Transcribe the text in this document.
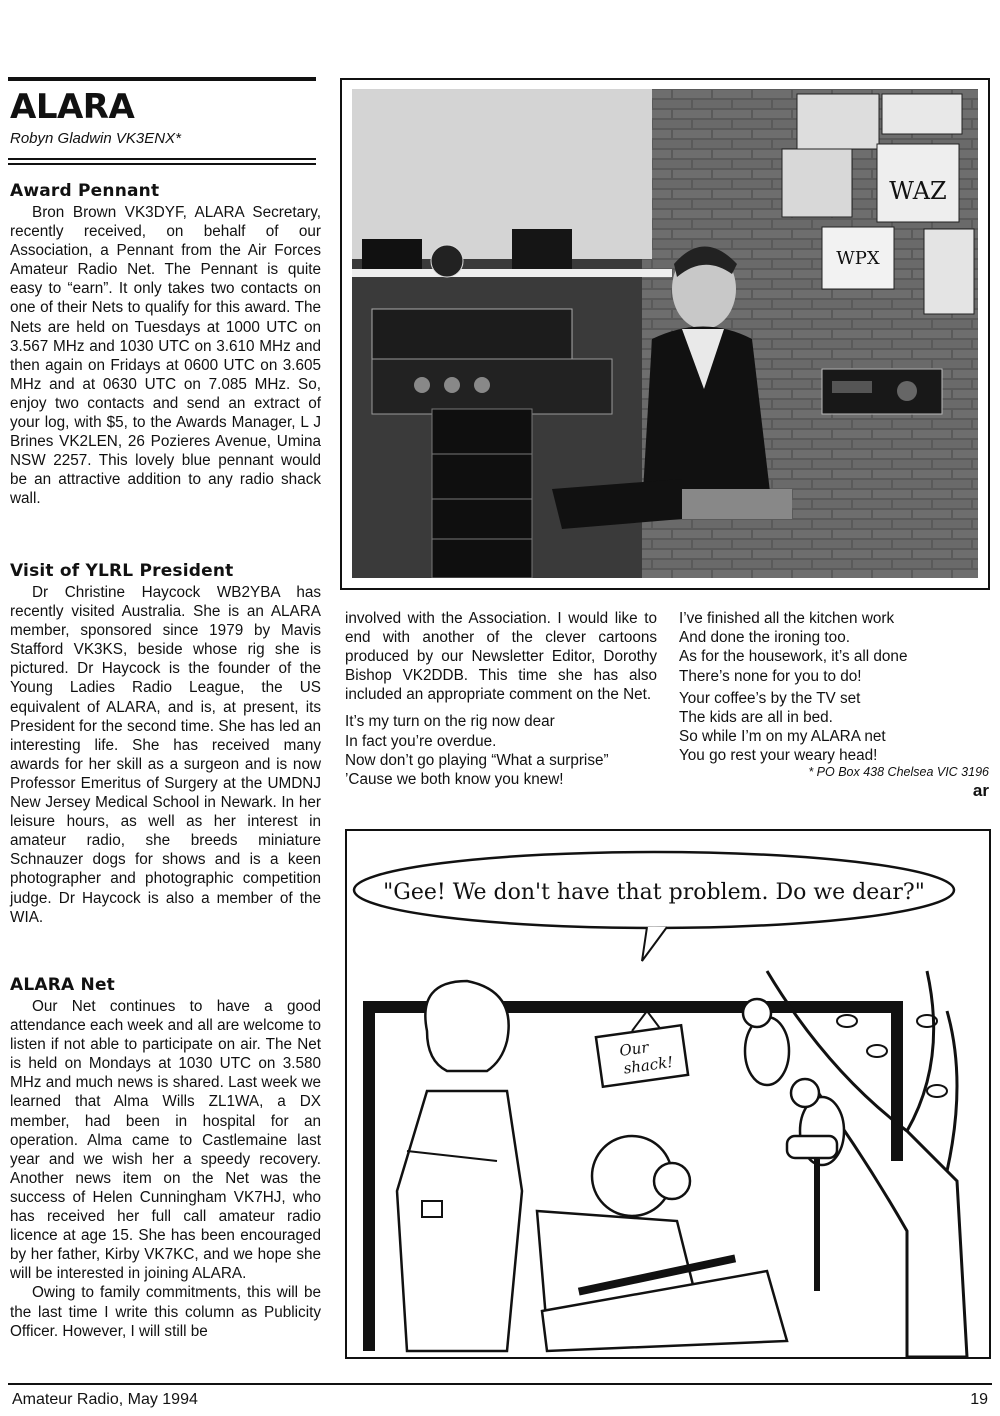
ALARA
Robyn Gladwin VK3ENX*
Award Pennant

Bron Brown VK3DYF, ALARA Secretary, recently received, on behalf of our Association, a Pennant from the Air Forces Amateur Radio Net. The Pennant is quite easy to “earn”. It only takes two contacts on one of their Nets to qualify for this award. The Nets are held on Tuesdays at 1000 UTC on 3.567 MHz and 1030 UTC on 3.610 MHz and then again on Fridays at 0600 UTC on 3.605 MHz and at 0630 UTC on 7.085 MHz. So, enjoy two contacts and send an extract of your log, with $5, to the Awards Manager, L J Brines VK2LEN, 26 Pozieres Avenue, Umina NSW 2257. This lovely blue pennant would be an attractive addition to any radio shack wall.

Visit of YLRL President

Dr Christine Haycock WB2YBA has recently visited Australia. She is an ALARA member, sponsored since 1979 by Mavis Stafford VK3KS, beside whose rig she is pictured. Dr Haycock is the founder of the Young Ladies Radio League, the US equivalent of ALARA, and is, at present, its President for the second time. She has led an interesting life. She has received many awards for her skill as a surgeon and is now Professor Emeritus of Surgery at the UMDNJ New Jersey Medical School in Newark. In her leisure hours, as well as her interest in amateur radio, she breeds miniature Schnauzer dogs for shows and is a keen photographer and photographic competition judge. Dr Haycock is also a member of the WIA.

ALARA Net

Our Net continues to have a good attendance each week and all are welcome to listen if not able to participate on air. The Net is held on Mondays at 1030 UTC on 3.580 MHz and much news is shared. Last week we learned that Alma Wills ZL1WA, a DX member, had been in hospital for an operation. Alma came to Castlemaine last year and we wish her a speedy recovery. Another news item on the Net was the success of Helen Cunningham VK7HJ, who has received her full call amateur radio licence at age 15. She has been encouraged by her father, Kirby VK7KC, and we hope she will be interested in joining ALARA.

Owing to family commitments, this will be the last time I write this column as Publicity Officer. However, I will still be

WAZ
WPX

involved with the Association. I would like to end with another of the clever cartoons produced by our Newsletter Editor, Dorothy Bishop VK2DDB. This time she has also included an appropriate comment on the Net.

It’s my turn on the rig now dear

In fact you’re overdue.

Now don’t go playing “What a surprise”

’Cause we both know you knew!

I’ve finished all the kitchen work

And done the ironing too.

As for the housework, it’s all done

There’s none for you to do!

Your coffee’s by the TV set

The kids are all in bed.

So while I’m on my ALARA net

You go rest your weary head!

* PO Box 438 Chelsea VIC 3196
ar
"Gee! We don't have that problem. Do we dear?"
Our
shack!
Amateur Radio, May 1994	19
